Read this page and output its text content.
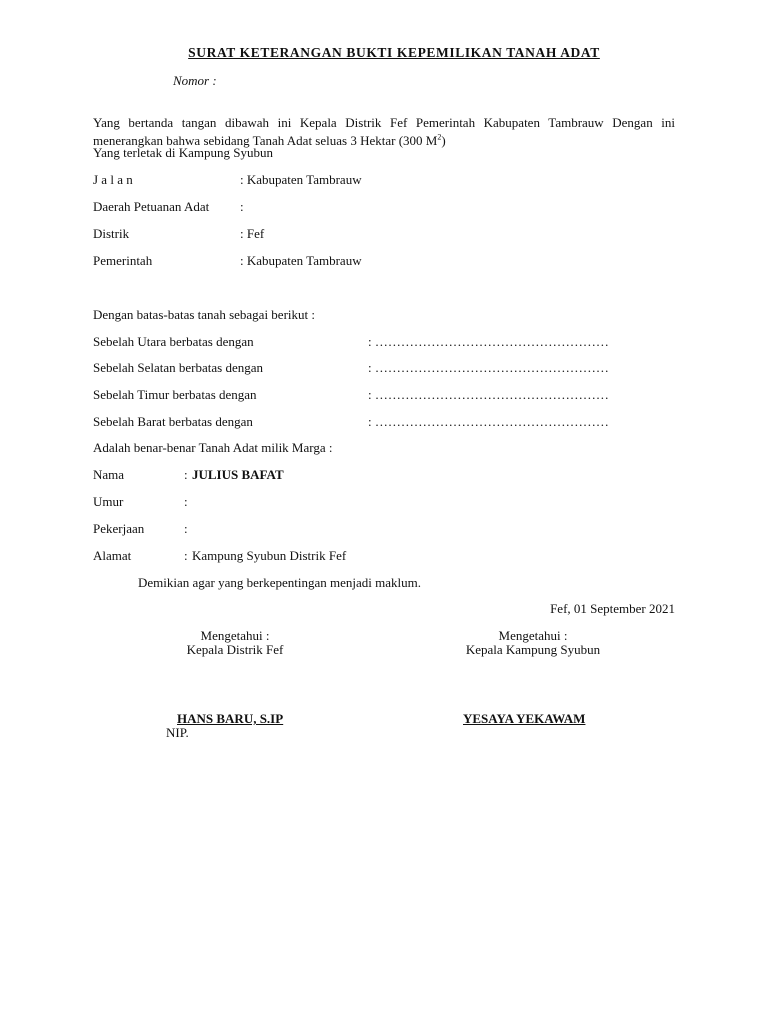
SURAT KETERANGAN BUKTI KEPEMILIKAN TANAH ADAT
Nomor :

Yang bertanda tangan dibawah ini Kepala Distrik Fef Pemerintah Kabupaten Tambrauw Dengan ini menerangkan bahwa sebidang Tanah Adat seluas 3 Hektar (300 $M^2$)

Yang terletak di Kampung Syubun
J a l a n	: Kabupaten Tambrauw
Daerah Petuanan Adat :
Distrik	: Fef
Pemerintah	: Kabupaten Tambrauw
Dengan batas-batas tanah sebagai berikut :
Sebelah Utara berbatas dengan	: ………………………………………………
Sebelah Selatan berbatas dengan	: ………………………………………………
Sebelah Timur berbatas dengan	: ………………………………………………
Sebelah Barat berbatas dengan	: ………………………………………………
Adalah benar-benar Tanah Adat milik Marga :
Nama	: JULIUS BAFAT
Umur	:
Pekerjaan	:
Alamat	: Kampung Syubun Distrik Fef
Demikian agar yang berkepentingan menjadi maklum.
Fef, 01 September 2021
Mengetahui :
Kepala Distrik Fef
HANS BARU, S.IP
NIP.
Mengetahui :
Kepala Kampung Syubun
YESAYA YEKAWAM
